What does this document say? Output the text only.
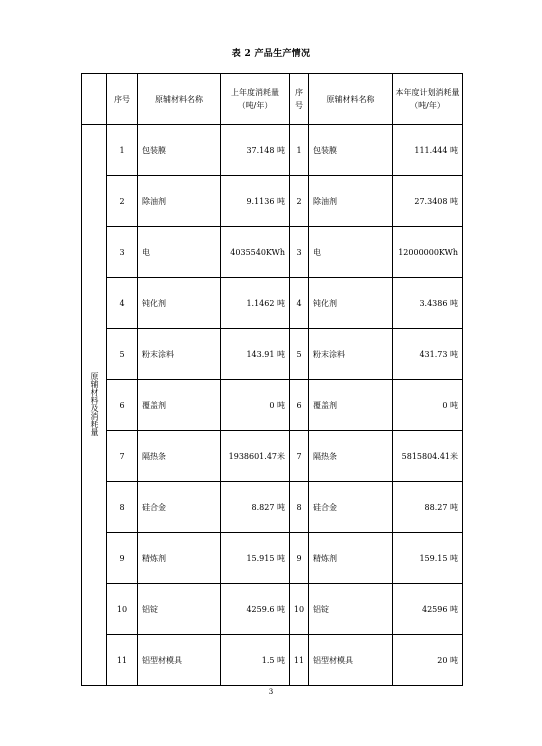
表 2 产品生产情况
	序号	原辅材料名称	上年度消耗量（吨/年）	序号	原辅材料名称	本年度计划消耗量（吨/年）
原辅材料及消耗量	1	包装膜	37.148 吨	1	包装膜	111.444 吨
	2	除油剂	9.1136 吨	2	除油剂	27.3408 吨
	3	电	4035540KWh	3	电	12000000KWh
	4	钝化剂	1.1462 吨	4	钝化剂	3.4386 吨
	5	粉末涂料	143.91 吨	5	粉末涂料	431.73 吨
	6	覆盖剂	0 吨	6	覆盖剂	0 吨
	7	隔热条	1938601.47米	7	隔热条	5815804.41米
	8	硅合金	8.827 吨	8	硅合金	88.27 吨
	9	精炼剂	15.915 吨	9	精炼剂	159.15 吨
	10	铝锭	4259.6 吨	10	铝锭	42596 吨
	11	铝型材模具	1.5 吨	11	铝型材模具	20 吨
3
